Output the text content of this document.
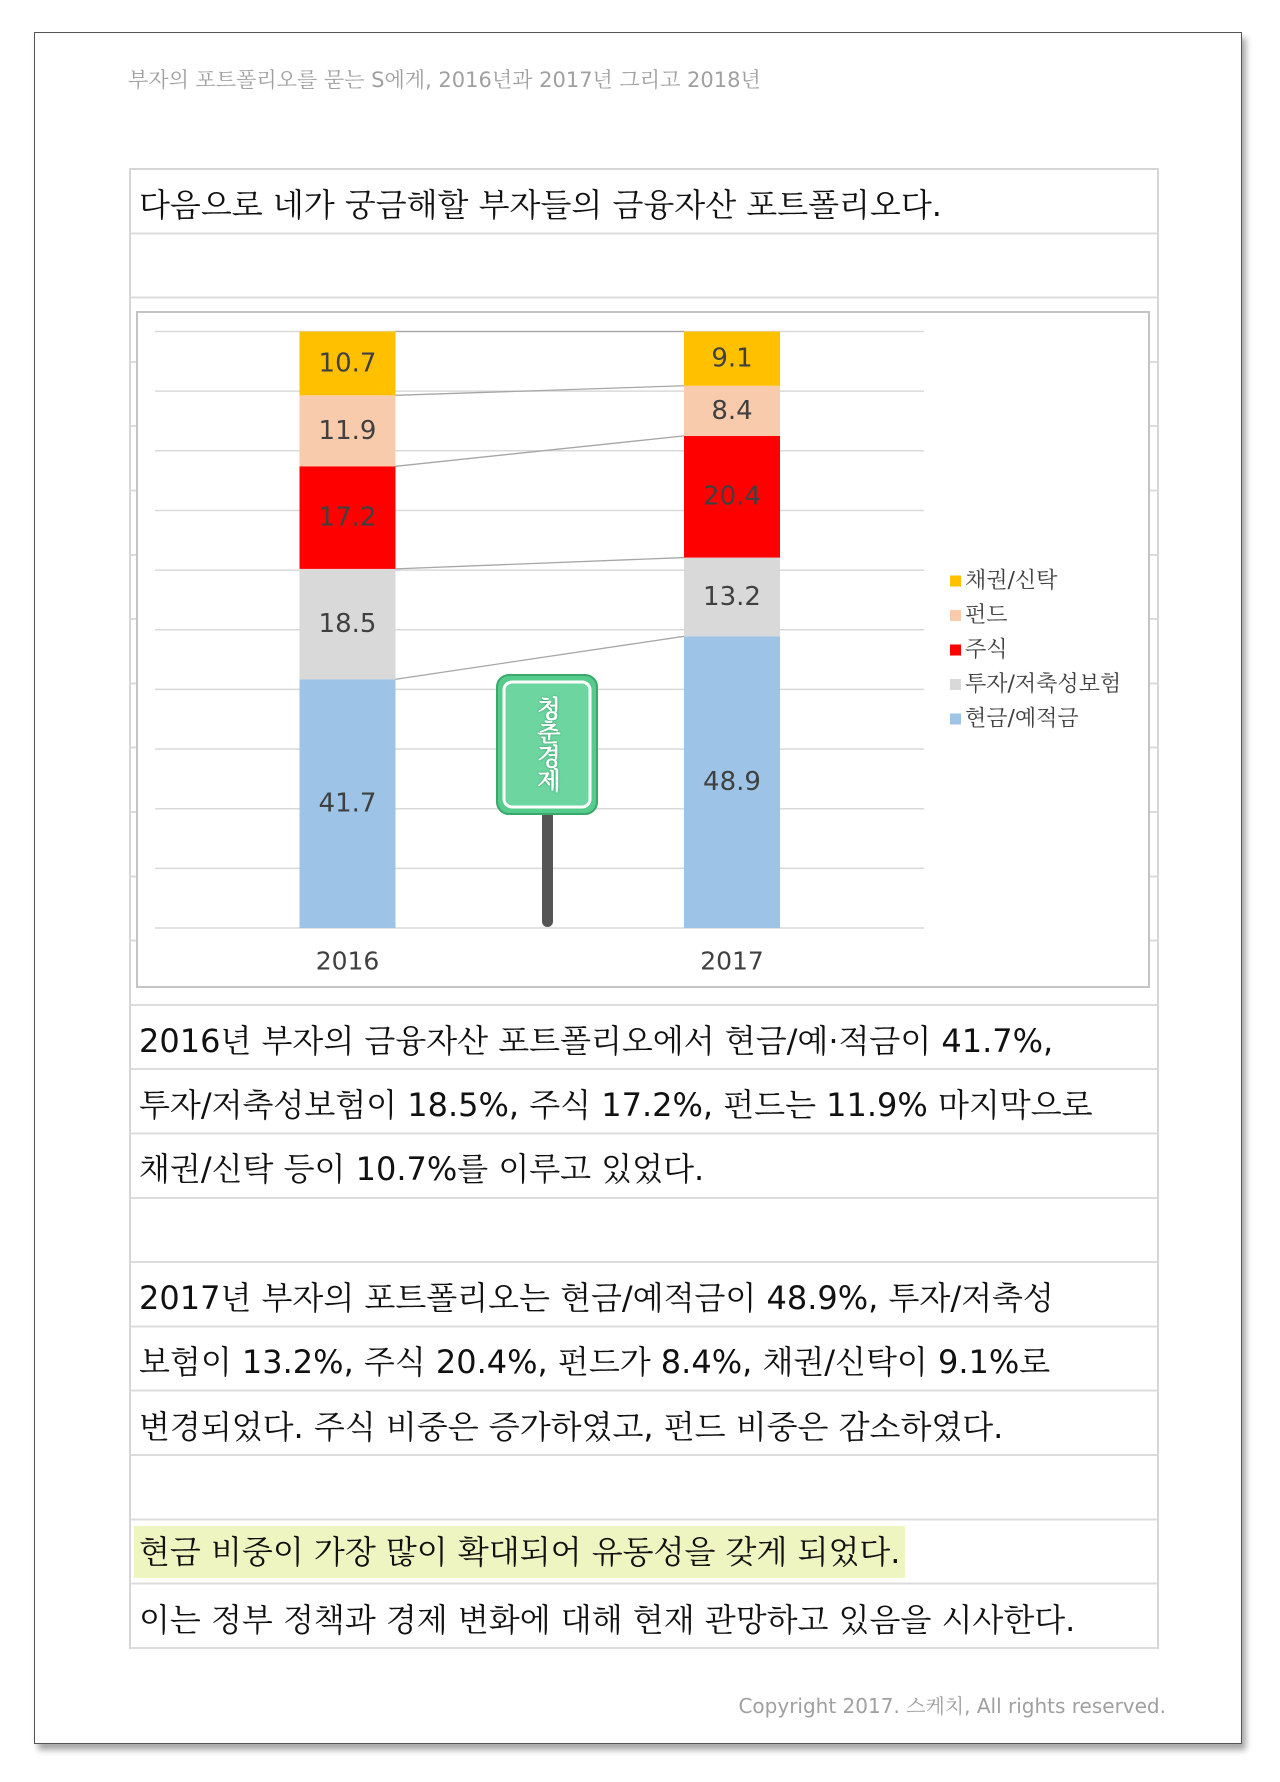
부자의 포트폴리오를 묻는 S에게, 2016년과 2017년 그리고 2018년
다음으로 네가 궁금해할 부자들의 금융자산 포트폴리오다.
41.7
18.5
17.2
11.9
10.7
48.9
13.2
20.4
8.4
9.1
2016	2017
채권/신탁
펀드
주식
투자/저축성보험
현금/예적금
청춘경제
2016년 부자의 금융자산 포트폴리오에서 현금/예·적금이 41.7%,
투자/저축성보험이 18.5%, 주식 17.2%, 펀드는 11.9% 마지막으로
채권/신탁 등이 10.7%를 이루고 있었다.
2017년 부자의 포트폴리오는 현금/예적금이 48.9%, 투자/저축성
보험이 13.2%, 주식 20.4%, 펀드가 8.4%, 채권/신탁이 9.1%로
변경되었다. 주식 비중은 증가하였고, 펀드 비중은 감소하였다.
현금 비중이 가장 많이 확대되어 유동성을 갖게 되었다.
이는 정부 정책과 경제 변화에 대해 현재 관망하고 있음을 시사한다.
Copyright 2017. 스케치, All rights reserved.
